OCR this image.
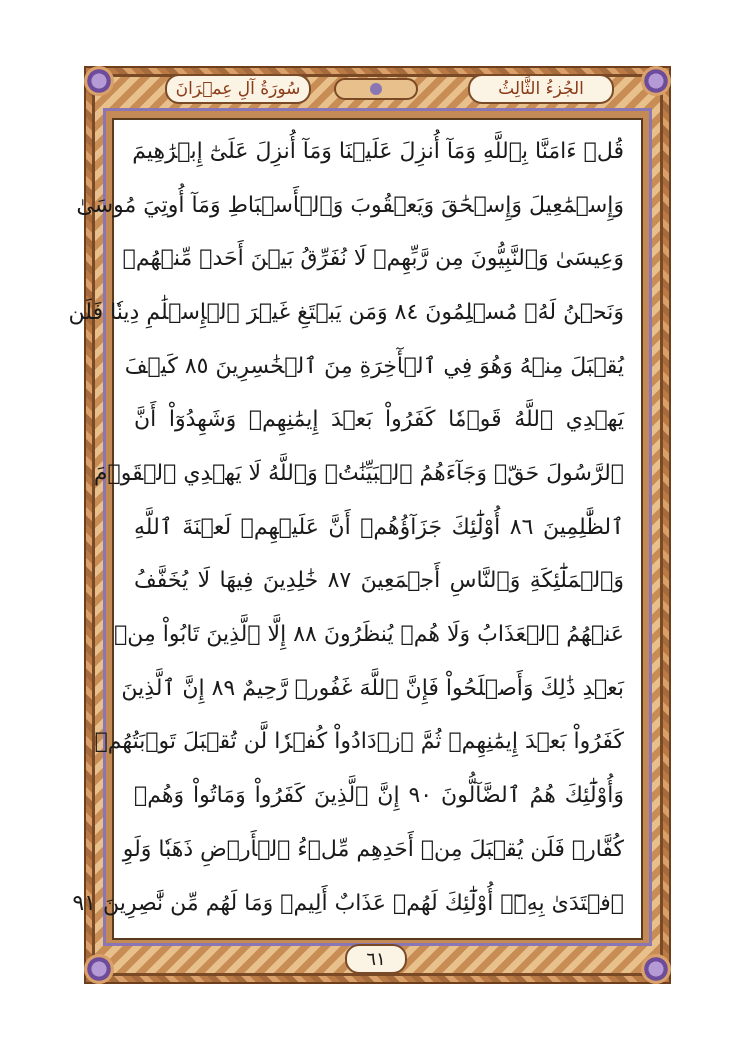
الجُزءُ الثَّالِثُ
سُورَةُ آلِ عِمۡرَانَ
قُلۡ ءَامَنَّا بِٱللَّهِ وَمَآ أُنزِلَ عَلَيۡنَا وَمَآ أُنزِلَ عَلَىٰٓ إِبۡرَٰهِيمَ
وَإِسۡمَٰعِيلَ وَإِسۡحَٰقَ وَيَعۡقُوبَ وَٱلۡأَسۡبَاطِ وَمَآ أُوتِيَ مُوسَىٰ
وَعِيسَىٰ وَٱلنَّبِيُّونَ مِن رَّبِّهِمۡ لَا نُفَرِّقُ بَيۡنَ أَحَدٖ مِّنۡهُمۡ
وَنَحۡنُ لَهُۥ مُسۡلِمُونَ ٨٤ وَمَن يَبۡتَغِ غَيۡرَ ٱلۡإِسۡلَٰمِ دِينٗا فَلَن
يُقۡبَلَ مِنۡهُ وَهُوَ فِي ٱلۡأٓخِرَةِ مِنَ ٱلۡخَٰسِرِينَ ٨٥ كَيۡفَ
يَهۡدِي ٱللَّهُ قَوۡمٗا كَفَرُواْ بَعۡدَ إِيمَٰنِهِمۡ وَشَهِدُوٓاْ أَنَّ
ٱلرَّسُولَ حَقّٞ وَجَآءَهُمُ ٱلۡبَيِّنَٰتُۚ وَٱللَّهُ لَا يَهۡدِي ٱلۡقَوۡمَ
ٱلظَّٰلِمِينَ ٨٦ أُوْلَٰٓئِكَ جَزَآؤُهُمۡ أَنَّ عَلَيۡهِمۡ لَعۡنَةَ ٱللَّهِ
وَٱلۡمَلَٰٓئِكَةِ وَٱلنَّاسِ أَجۡمَعِينَ ٨٧ خَٰلِدِينَ فِيهَا لَا يُخَفَّفُ
عَنۡهُمُ ٱلۡعَذَابُ وَلَا هُمۡ يُنظَرُونَ ٨٨ إِلَّا ٱلَّذِينَ تَابُواْ مِنۢ
بَعۡدِ ذَٰلِكَ وَأَصۡلَحُواْ فَإِنَّ ٱللَّهَ غَفُورٞ رَّحِيمٌ ٨٩ إِنَّ ٱلَّذِينَ
كَفَرُواْ بَعۡدَ إِيمَٰنِهِمۡ ثُمَّ ٱزۡدَادُواْ كُفۡرٗا لَّن تُقۡبَلَ تَوۡبَتُهُمۡ
وَأُوْلَٰٓئِكَ هُمُ ٱلضَّآلُّونَ ٩٠ إِنَّ ٱلَّذِينَ كَفَرُواْ وَمَاتُواْ وَهُمۡ
كُفَّارٞ فَلَن يُقۡبَلَ مِنۡ أَحَدِهِم مِّلۡءُ ٱلۡأَرۡضِ ذَهَبٗا وَلَوِ
ٱفۡتَدَىٰ بِهِۦٓۗ أُوْلَٰٓئِكَ لَهُمۡ عَذَابٌ أَلِيمٞ وَمَا لَهُم مِّن نَّٰصِرِينَ ٩١
٦١
